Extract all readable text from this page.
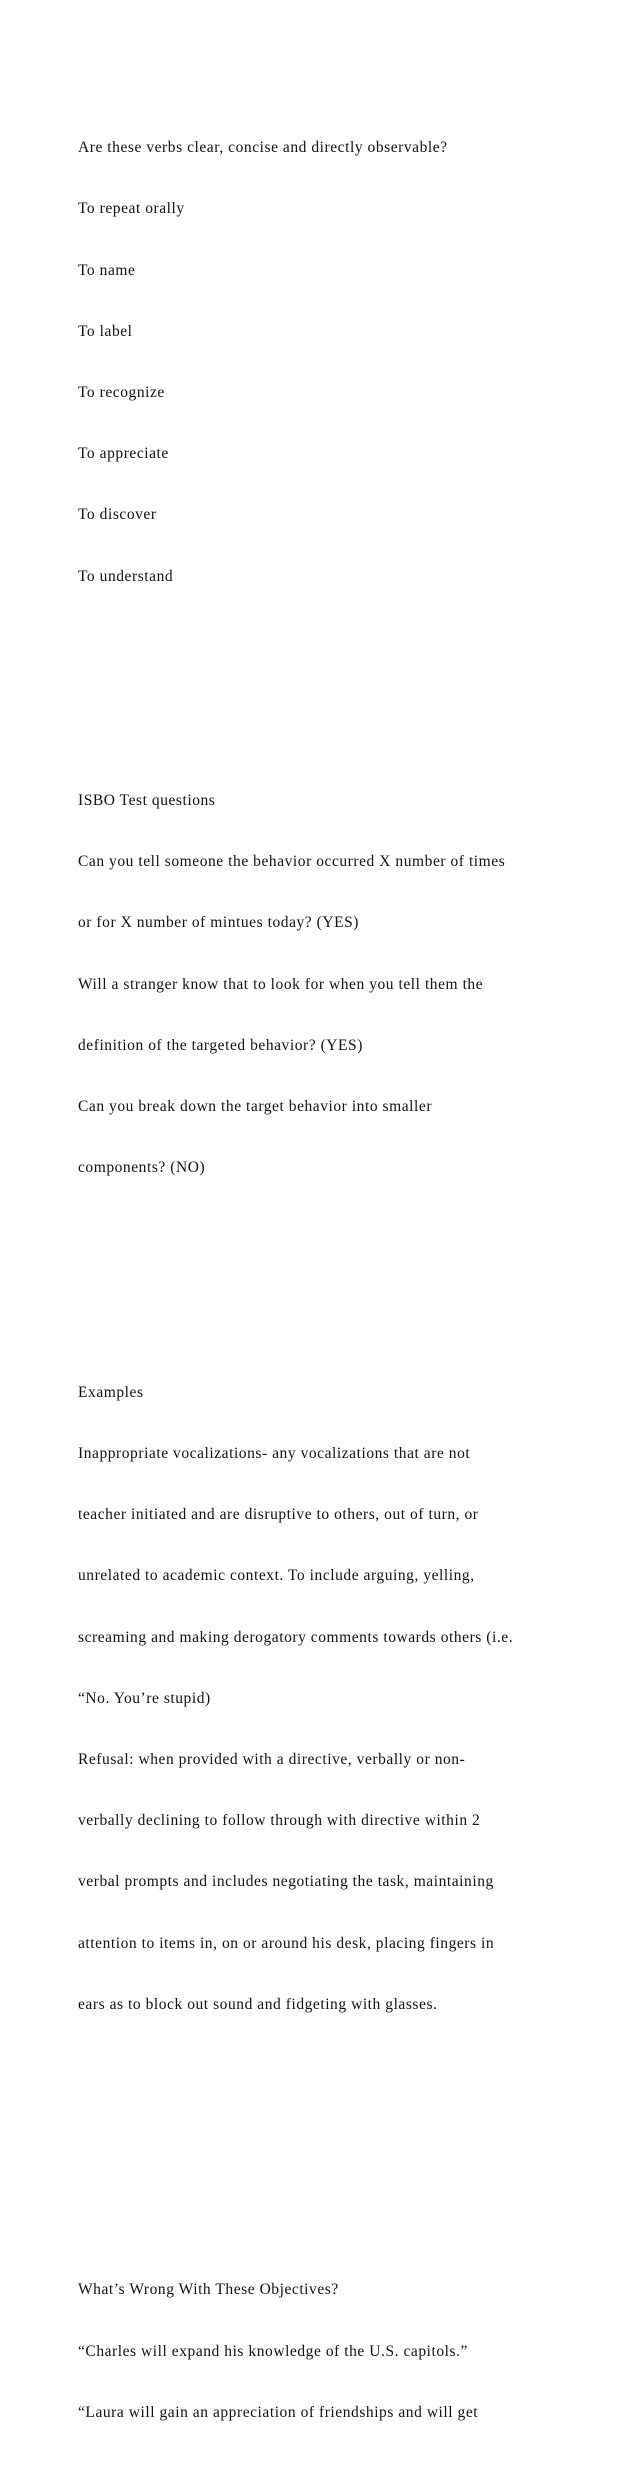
Are these verbs clear, concise and directly observable?

To repeat orally

To name

To label

To recognize

To appreciate

To discover

To understand

ISBO Test questions

Can you tell someone the behavior occurred X number of times

or for X number of mintues today? (YES)

Will a stranger know that to look for when you tell them the

definition of the targeted behavior? (YES)

Can you break down the target behavior into smaller

components? (NO)

Examples

Inappropriate vocalizations- any vocalizations that are not

teacher initiated and are disruptive to others, out of turn, or

unrelated to academic context. To include arguing, yelling,

screaming and making derogatory comments towards others (i.e.

“No. You’re stupid)

Refusal: when provided with a directive, verbally or non-

verbally declining to follow through with directive within 2

verbal prompts and includes negotiating the task, maintaining

attention to items in, on or around his desk, placing fingers in

ears as to block out sound and fidgeting with glasses.

What’s Wrong With These Objectives?

“Charles will expand his knowledge of the U.S. capitols.”

“Laura will gain an appreciation of friendships and will get
